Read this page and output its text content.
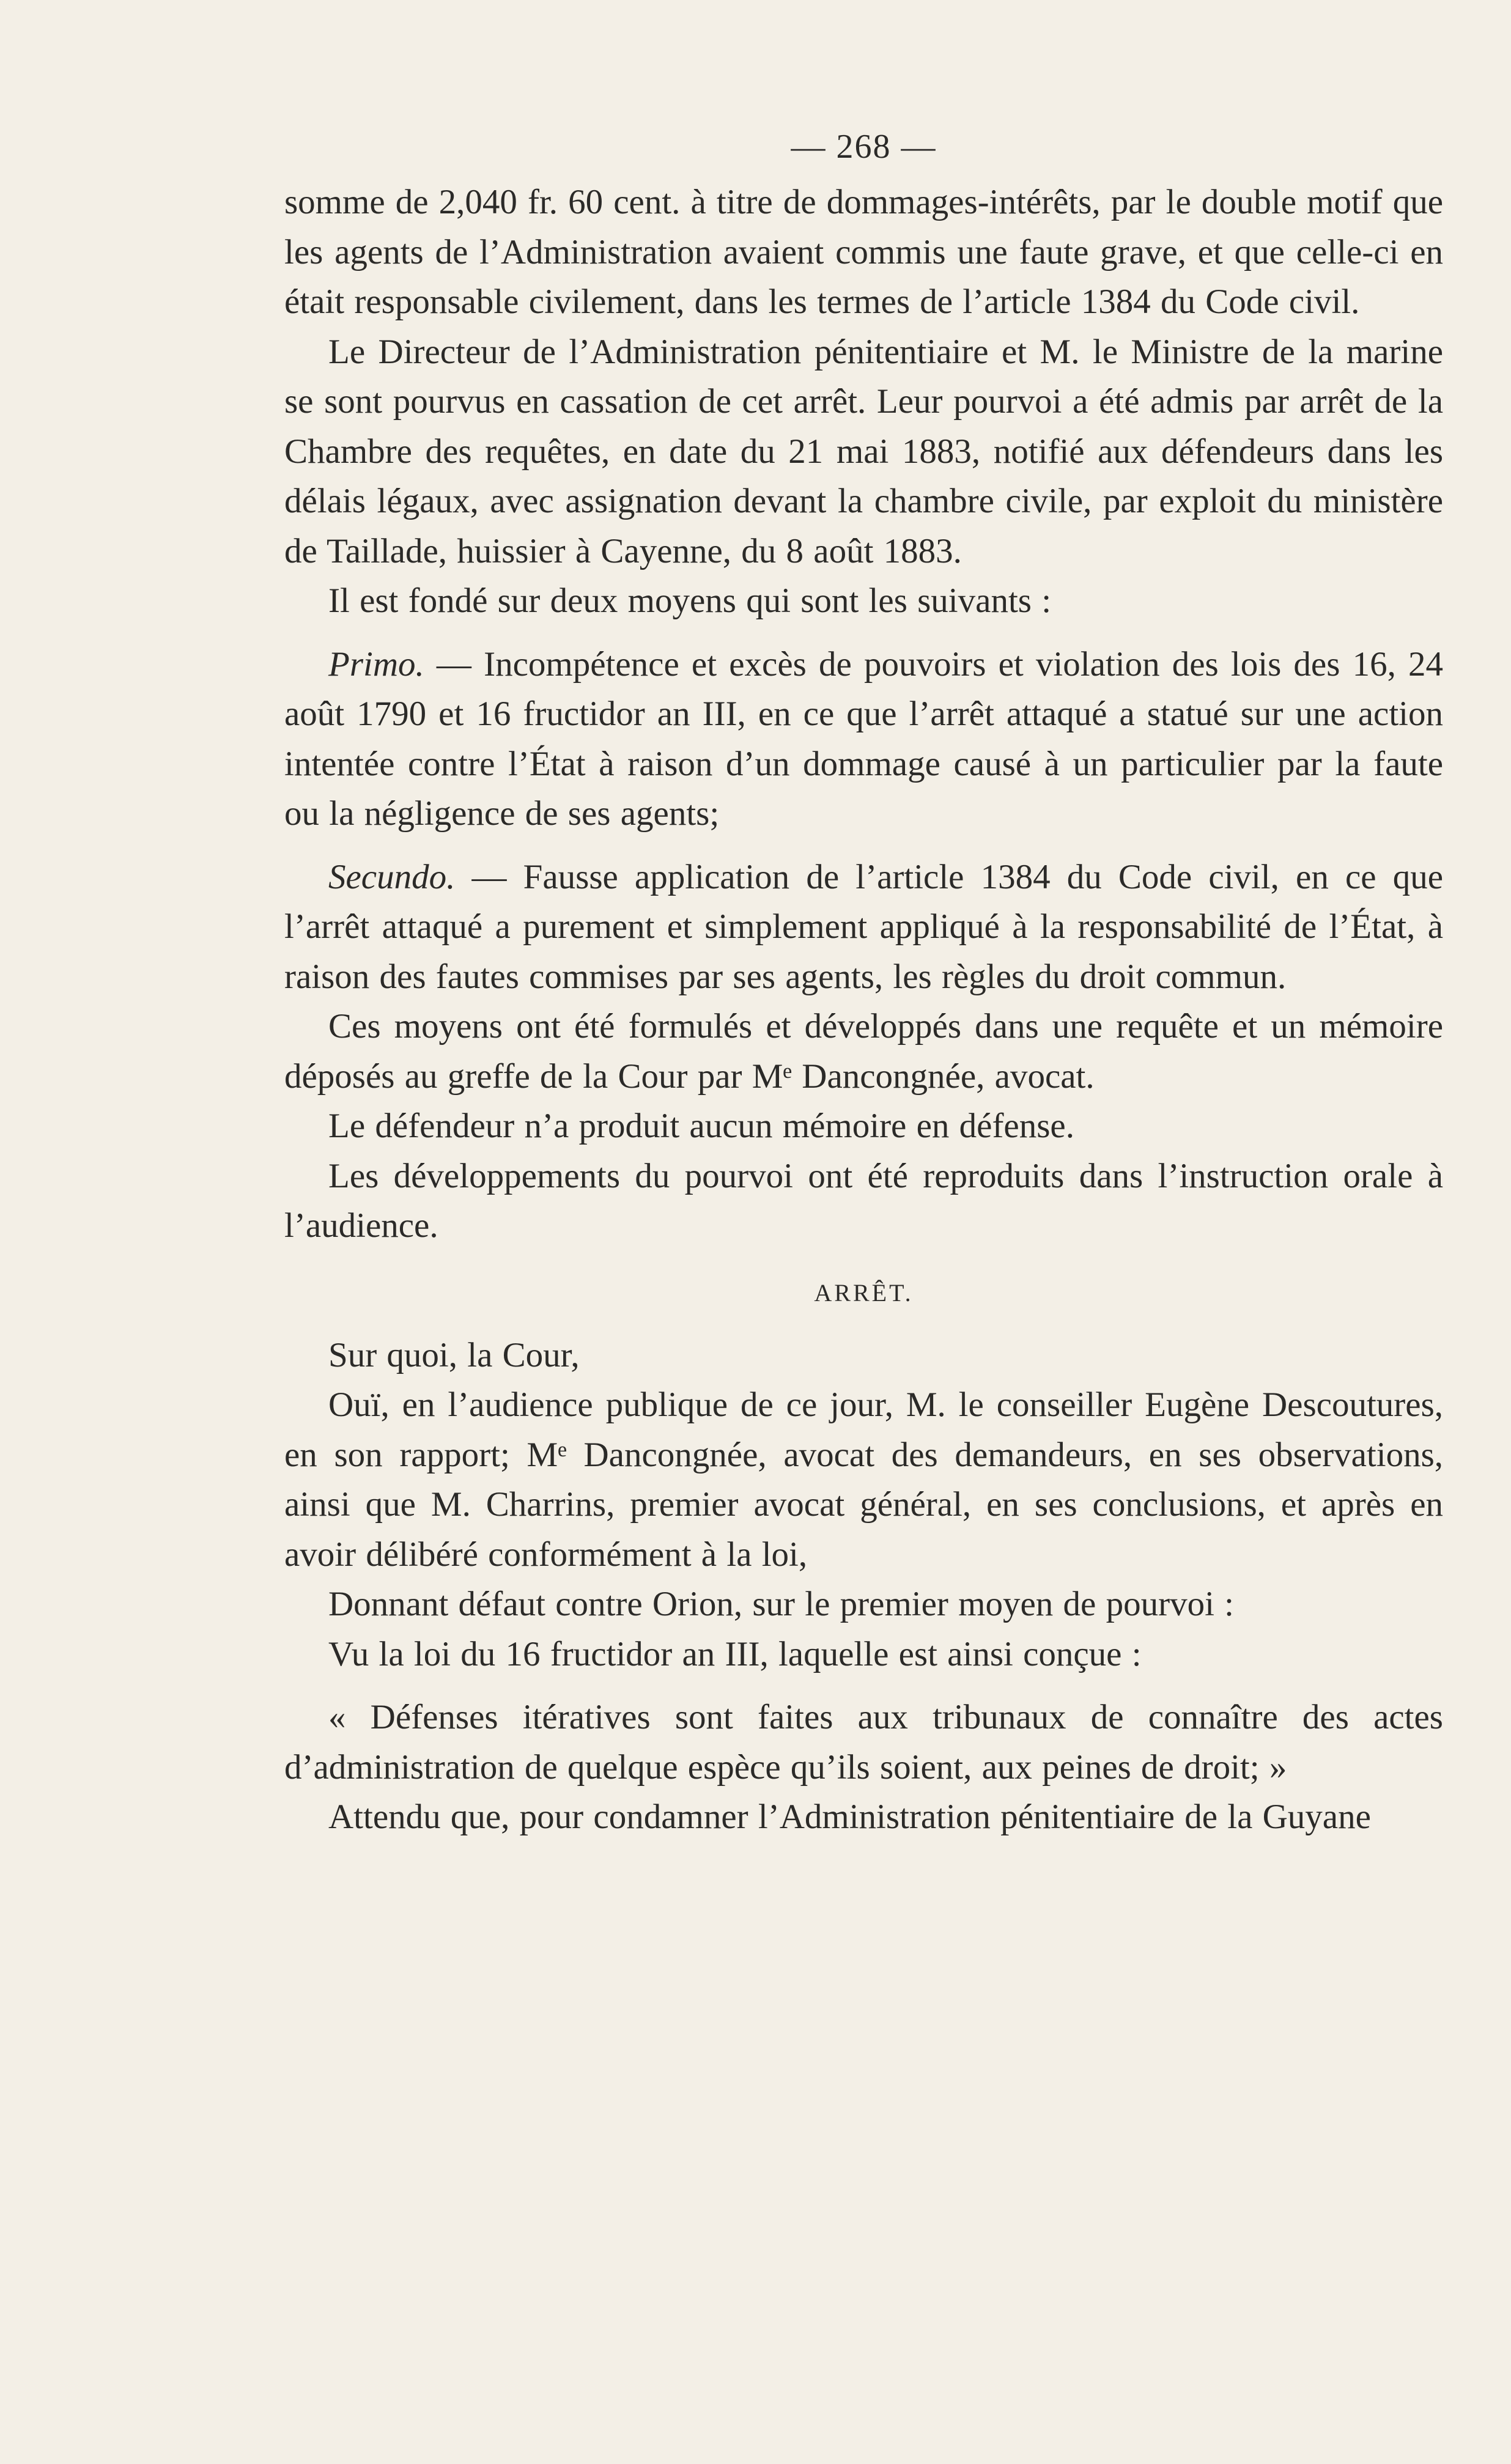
— 268 —

somme de 2,040 fr. 60 cent. à titre de dommages-intérêts, par le double motif que les agents de l’Administration avaient commis une faute grave, et que celle-ci en était responsable civilement, dans les termes de l’article 1384 du Code civil.

Le Directeur de l’Administration pénitentiaire et M. le Ministre de la marine se sont pourvus en cassation de cet arrêt. Leur pourvoi a été admis par arrêt de la Chambre des requêtes, en date du 21 mai 1883, notifié aux défendeurs dans les délais légaux, avec assignation devant la chambre civile, par exploit du ministère de Taillade, huissier à Cayenne, du 8 août 1883.

Il est fondé sur deux moyens qui sont les suivants :

Primo. — Incompétence et excès de pouvoirs et violation des lois des 16, 24 août 1790 et 16 fructidor an III, en ce que l’arrêt attaqué a statué sur une action intentée contre l’État à raison d’un dommage causé à un particulier par la faute ou la négligence de ses agents;

Secundo. — Fausse application de l’article 1384 du Code civil, en ce que l’arrêt attaqué a purement et simplement appliqué à la responsabilité de l’État, à raison des fautes commises par ses agents, les règles du droit commun.

Ces moyens ont été formulés et développés dans une requête et un mémoire déposés au greffe de la Cour par Mᵉ Dancongnée, avocat.

Le défendeur n’a produit aucun mémoire en défense.

Les développements du pourvoi ont été reproduits dans l’instruction orale à l’audience.

ARRÊT.

Sur quoi, la Cour,

Ouï, en l’audience publique de ce jour, M. le conseiller Eugène Descoutures, en son rapport; Mᵉ Dancongnée, avocat des demandeurs, en ses observations, ainsi que M. Charrins, premier avocat général, en ses conclusions, et après en avoir délibéré conformément à la loi,

Donnant défaut contre Orion, sur le premier moyen de pourvoi :

Vu la loi du 16 fructidor an III, laquelle est ainsi conçue :

« Défenses itératives sont faites aux tribunaux de connaître des actes d’administration de quelque espèce qu’ils soient, aux peines de droit; »

Attendu que, pour condamner l’Administration pénitentiaire de la Guyane
